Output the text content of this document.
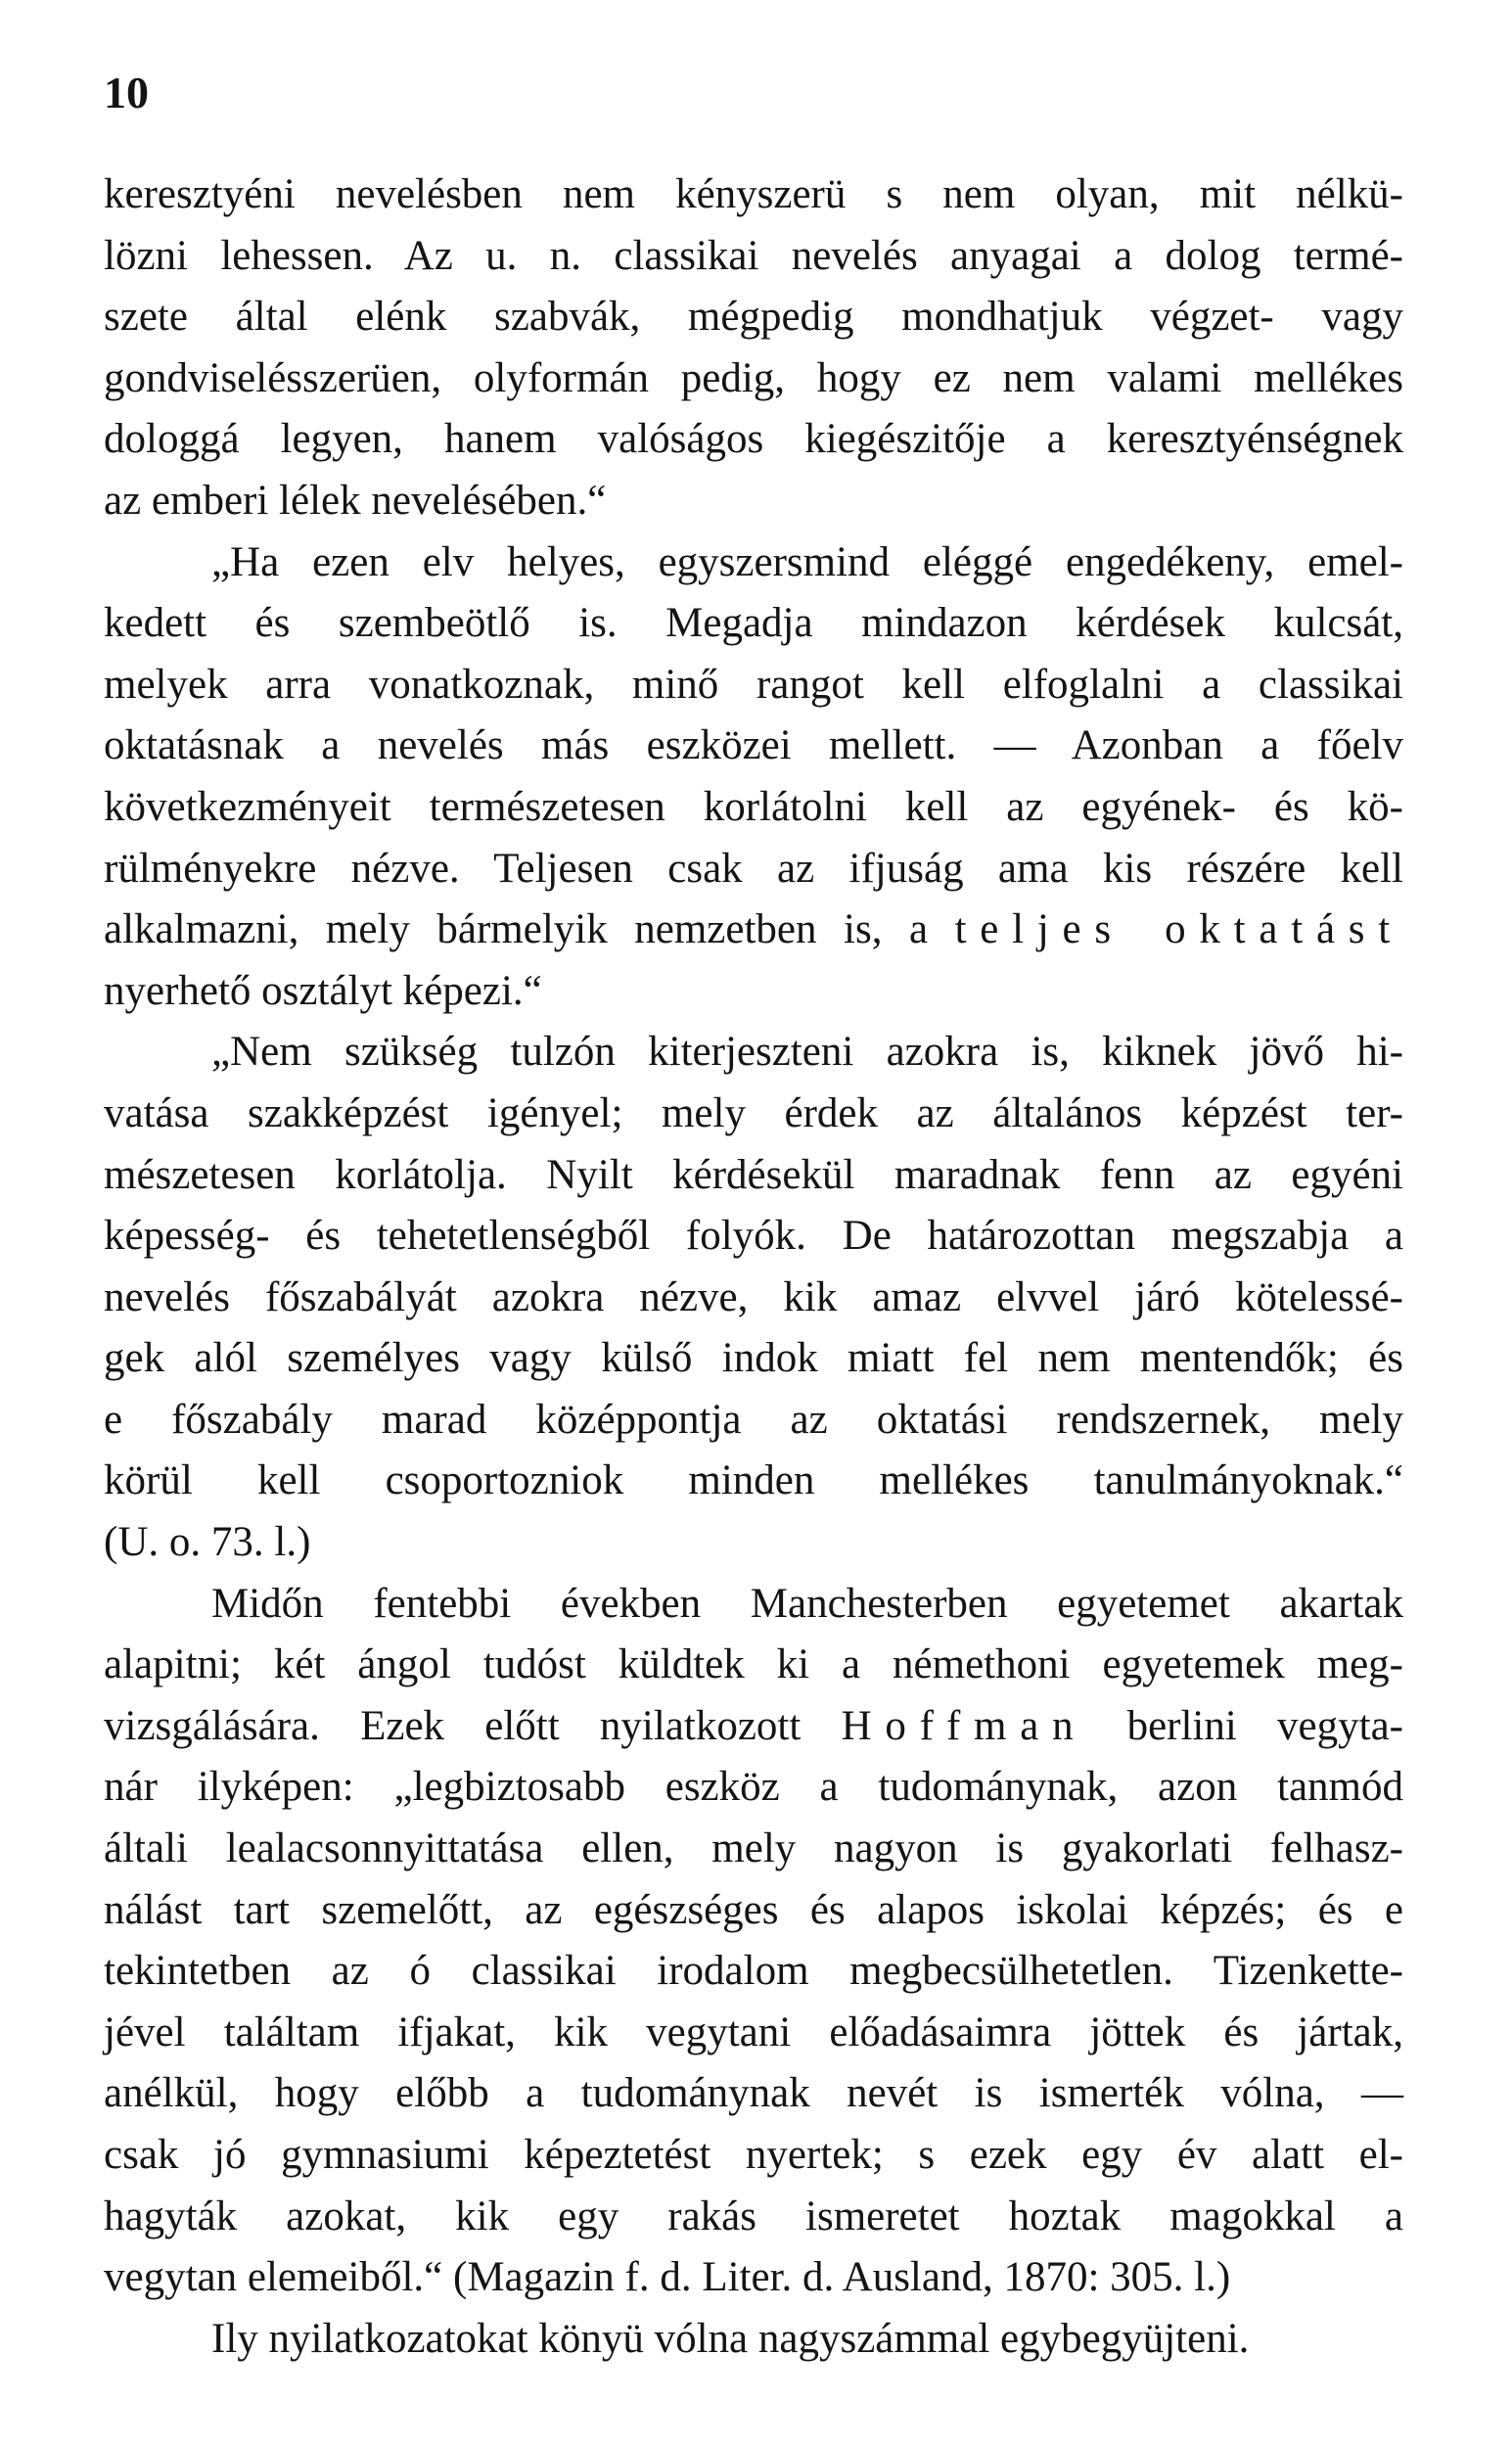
10
keresztyéni nevelésben nem kényszerü s nem olyan, mit nélkü-
lözni lehessen. Az u. n. classikai nevelés anyagai a dolog termé-
szete által elénk szabvák, mégpedig mondhatjuk végzet- vagy
gondviselésszerüen, olyformán pedig, hogy ez nem valami mellékes
dologgá legyen, hanem valóságos kiegészitője a keresztyénségnek
az emberi lélek nevelésében.“
„Ha ezen elv helyes, egyszersmind eléggé engedékeny, emel-
kedett és szembeötlő is. Megadja mindazon kérdések kulcsát,
melyek arra vonatkoznak, minő rangot kell elfoglalni a classikai
oktatásnak a nevelés más eszközei mellett. — Azonban a főelv
következményeit természetesen korlátolni kell az egyének- és kö-
rülményekre nézve. Teljesen csak az ifjuság ama kis részére kell
alkalmazni, mely bármelyik nemzetben is, a teljes oktatást
nyerhető osztályt képezi.“
„Nem szükség tulzón kiterjeszteni azokra is, kiknek jövő hi-
vatása szakképzést igényel; mely érdek az általános képzést ter-
mészetesen korlátolja. Nyilt kérdésekül maradnak fenn az egyéni
képesség- és tehetetlenségből folyók. De határozottan megszabja a
nevelés főszabályát azokra nézve, kik amaz elvvel járó kötelessé-
gek alól személyes vagy külső indok miatt fel nem mentendők; és
e főszabály marad középpontja az oktatási rendszernek, mely
körül kell csoportozniok minden mellékes tanulmányoknak.“
(U. o. 73. l.)
Midőn fentebbi években Manchesterben egyetemet akartak
alapitni; két ángol tudóst küldtek ki a némethoni egyetemek meg-
vizsgálására. Ezek előtt nyilatkozott Hoffman berlini vegyta-
nár ilyképen: „legbiztosabb eszköz a tudománynak, azon tanmód
általi lealacsonnyittatása ellen, mely nagyon is gyakorlati felhasz-
nálást tart szemelőtt, az egészséges és alapos iskolai képzés; és e
tekintetben az ó classikai irodalom megbecsülhetetlen. Tizenkette-
jével találtam ifjakat, kik vegytani előadásaimra jöttek és jártak,
anélkül, hogy előbb a tudománynak nevét is ismerték vólna, —
csak jó gymnasiumi képeztetést nyertek; s ezek egy év alatt el-
hagyták azokat, kik egy rakás ismeretet hoztak magokkal a
vegytan elemeiből.“ (Magazin f. d. Liter. d. Ausland, 1870: 305. l.)
Ily nyilatkozatokat könyü vólna nagyszámmal egybegyüjteni.
